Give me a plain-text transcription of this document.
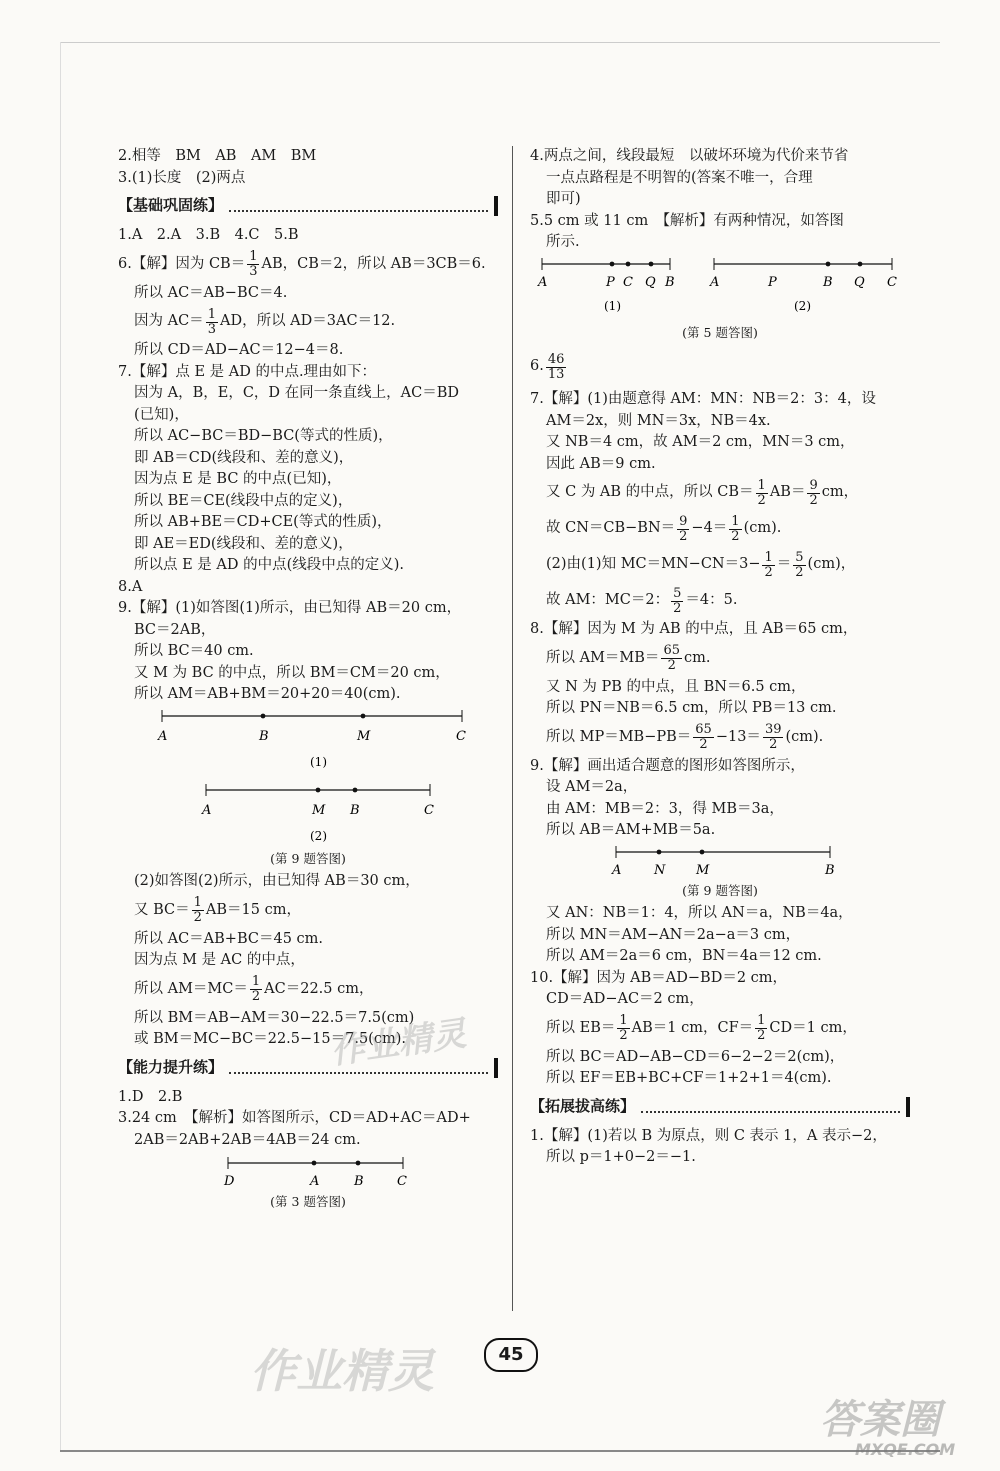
2.相等　BM　AB　AM　BM
3.(1)长度　(2)两点
【基础巩固练】
1.A　2.A　3.B　4.C　5.B
6.【解】因为 $CB= \frac{1}{3}$ AB，CB＝2，所以 AB＝3CB＝6.
所以 AC＝AB−BC＝4.
因为 $AC= \frac{1}{3}$ AD，所以 AD＝3AC＝12.
所以 CD＝AD−AC＝12−4＝8.
7.【解】点 E 是 AD 的中点.理由如下：
因为 A，B，E，C，D 在同一条直线上，AC＝BD
(已知)，
所以 AC−BC＝BD−BC(等式的性质)，
即 AB＝CD(线段和、差的意义)，
因为点 E 是 BC 的中点(已知)，
所以 BE＝CE(线段中点的定义)，
所以 AB+BE＝CD+CE(等式的性质)，
即 AE＝ED(线段和、差的意义)，
所以点 E 是 AD 的中点(线段中点的定义).
8.A
9.【解】(1)如答图(1)所示，由已知得 AB＝20 cm，
BC＝2AB，
所以 BC＝40 cm.
又 M 为 BC 的中点，所以 BM＝CM＝20 cm，
所以 AM＝AB+BM＝20+20＝40(cm).
A	B	M	C
(1)
A	M B	C
(2)
(第 9 题答图)
(2)如答图(2)所示，由已知得 AB＝30 cm，
又 $BC= \frac{1}{2} AB=15$ cm，
所以 AC＝AB+BC＝45 cm.
因为点 M 是 AC 的中点，
所以 $AM=MC= \frac{1}{2} AC=22.5$ cm，
所以 BM＝AB−AM＝30−22.5＝7.5(cm)
或 BM＝MC−BC＝22.5−15＝7.5(cm).
【能力提升练】
1.D　2.B
3.24 cm　【解析】如答图所示，CD＝AD+AC＝AD+
2AB＝2AB+2AB＝4AB＝24 cm.
D	A	B	C
(第 3 题答图)
4.两点之间，线段最短　以破坏环境为代价来节省
一点点路程是不明智的(答案不唯一，合理
即可)
5.5 cm 或 11 cm　【解析】有两种情况，如答图
所示.
A	P C Q B
(1)
A	P	B Q C
(2)
(第 5 题答图)
6. $\frac{46}{13}$
7.【解】(1)由题意得 AM：MN：NB＝2：3：4，设
AM＝2x，则 MN＝3x，NB＝4x.
又 NB＝4 cm，故 AM＝2 cm，MN＝3 cm，
因此 AB＝9 cm.
又 C 为 AB 的中点，所以 $CB= \frac{1}{2} AB= \frac{9}{2}$ cm，
故 $CN=CB-BN= \frac{9}{2} -4= \frac{1}{2} (cm)$.
(2)由(1)知 $MC=MN-CN=3- \frac{1}{2} = \frac{5}{2} (cm)$，
故 AM：MC＝2： $\frac{5}{2} =4$：5.
8.【解】因为 M 为 AB 的中点，且 AB＝65 cm，
所以 $AM=MB= \frac{65}{2}$ cm.
又 N 为 PB 的中点，且 BN＝6.5 cm，
所以 PN＝NB＝6.5 cm，所以 PB＝13 cm.
所以 $MP=MB-PB= \frac{65}{2} -13= \frac{39}{2} (cm)$.
9.【解】画出适合题意的图形如答图所示，
设 AM＝2a，
由 AM：MB＝2：3，得 MB＝3a，
所以 AB＝AM+MB＝5a.
A	N M	B
(第 9 题答图)
又 AN：NB＝1：4，所以 AN＝a，NB＝4a，
所以 MN＝AM−AN＝2a−a＝3 cm，
所以 AM＝2a＝6 cm，BN＝4a＝12 cm.
10.【解】因为 AB＝AD−BD＝2 cm，
CD＝AD−AC＝2 cm，
所以 $EB= \frac{1}{2} AB=1$ cm，$CF= \frac{1}{2} CD=1$ cm，
所以 BC＝AD−AB−CD＝6−2−2＝2(cm)，
所以 EF＝EB+BC+CF＝1+2+1＝4(cm).
【拓展拔高练】
1.【解】(1)若以 B 为原点，则 C 表示 1，A 表示−2，
所以 p＝1+0−2＝−1.
45
作业精灵
作业精灵
答案圈
MXQE.COM
